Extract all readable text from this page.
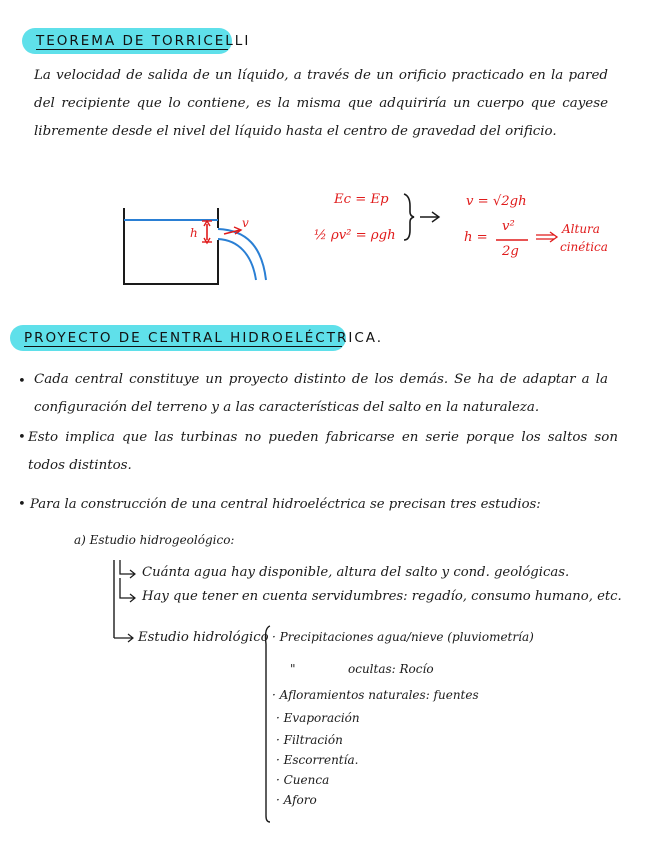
TEOREMA DE TORRICELLI
La velocidad de salida de un líquido, a través de un orificio practicado en la pared del recipiente que lo contiene, es la misma que adquiriría un cuerpo que cayese libremente desde el nivel del líquido hasta el centro de gravedad del orificio.
h
v
Ec = Ep
½ ρv² = ρgh
v = √2gh
h =
v²
2g
Altura
cinética
PROYECTO DE CENTRAL HIDROELÉCTRICA.
• Cada central constituye un proyecto distinto de los demás. Se ha de adaptar a la configuración del terreno y a las características del salto en la naturaleza.
• Esto implica que las turbinas no pueden fabricarse en serie porque los saltos son todos distintos.
• Para la construcción de una central hidroeléctrica se precisan tres estudios:
a) Estudio hidrogeológico:
Cuánta agua hay disponible, altura del salto y cond. geológicas.
Hay que tener en cuenta servidumbres: regadío, consumo humano, etc.
Estudio hidrológico · Precipitaciones agua/nieve (pluviometría)
"	ocultas: Rocío
· Afloramientos naturales: fuentes
· Evaporación
· Filtración
· Escorrentía.
· Cuenca
· Aforo
